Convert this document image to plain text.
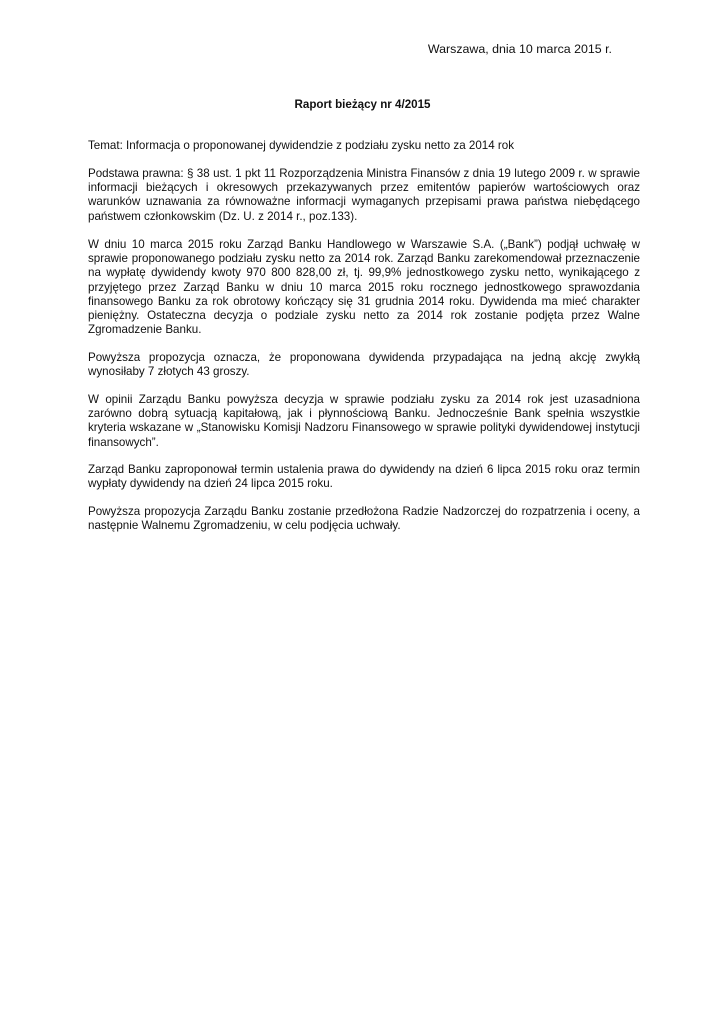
Warszawa, dnia 10 marca 2015 r.
Raport bieżący nr 4/2015

Temat: Informacja o proponowanej dywidendzie z podziału zysku netto za 2014 rok

Podstawa prawna: § 38 ust. 1 pkt 11 Rozporządzenia Ministra Finansów z dnia 19 lutego 2009 r. w sprawie informacji bieżących i okresowych przekazywanych przez emitentów papierów wartościowych oraz warunków uznawania za równoważne informacji wymaganych przepisami prawa państwa niebędącego państwem członkowskim (Dz. U. z 2014 r., poz.133).

W dniu 10 marca 2015 roku Zarząd Banku Handlowego w Warszawie S.A. („Bank”) podjął uchwałę w sprawie proponowanego podziału zysku netto za 2014 rok. Zarząd Banku zarekomendował przeznaczenie na wypłatę dywidendy kwoty 970 800 828,00 zł, tj. 99,9% jednostkowego zysku netto, wynikającego z przyjętego przez Zarząd Banku w dniu 10 marca 2015 roku rocznego jednostkowego sprawozdania finansowego Banku za rok obrotowy kończący się 31 grudnia 2014 roku. Dywidenda ma mieć charakter pieniężny. Ostateczna decyzja o podziale zysku netto za 2014 rok zostanie podjęta przez Walne Zgromadzenie Banku.

Powyższa propozycja oznacza, że proponowana dywidenda przypadająca na jedną akcję zwykłą wynosiłaby 7 złotych 43 groszy.

W opinii Zarządu Banku powyższa decyzja w sprawie podziału zysku za 2014 rok jest uzasadniona zarówno dobrą sytuacją kapitałową, jak i płynnościową Banku. Jednocześnie Bank spełnia wszystkie kryteria wskazane w „Stanowisku Komisji Nadzoru Finansowego w sprawie polityki dywidendowej instytucji finansowych”.

Zarząd Banku zaproponował termin ustalenia prawa do dywidendy na dzień 6 lipca 2015 roku oraz termin wypłaty dywidendy na dzień 24 lipca 2015 roku.

Powyższa propozycja Zarządu Banku zostanie przedłożona Radzie Nadzorczej do rozpatrzenia i oceny, a następnie Walnemu Zgromadzeniu, w celu podjęcia uchwały.
